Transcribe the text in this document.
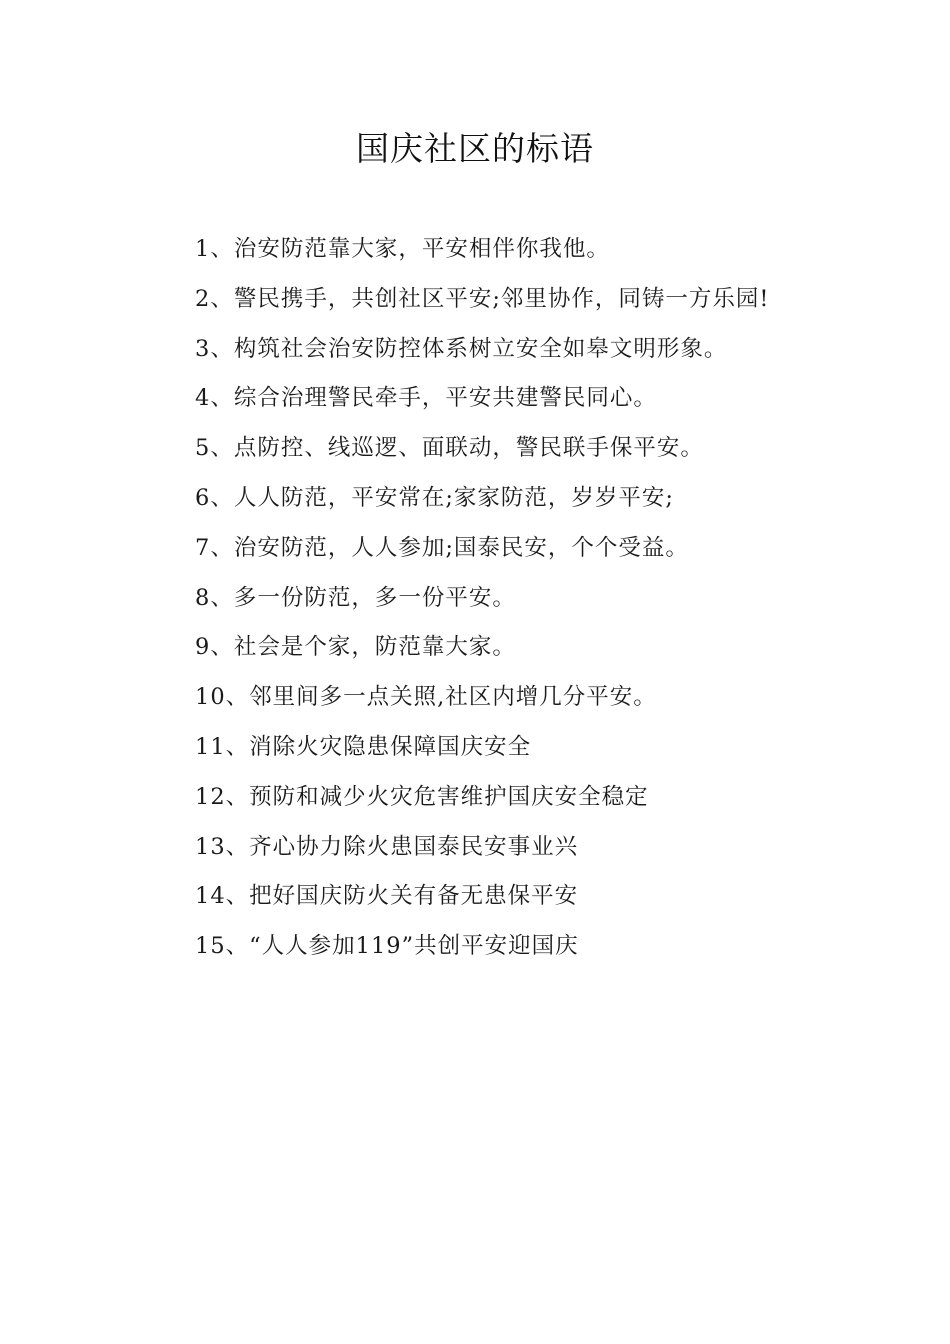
国庆社区的标语
1、治安防范靠大家，平安相伴你我他。
2、警民携手，共创社区平安;邻里协作，同铸一方乐园!
3、构筑社会治安防控体系树立安全如皋文明形象。
4、综合治理警民牵手，平安共建警民同心。
5、点防控、线巡逻、面联动，警民联手保平安。
6、人人防范，平安常在;家家防范，岁岁平安;
7、治安防范，人人参加;国泰民安，个个受益。
8、多一份防范，多一份平安。
9、社会是个家，防范靠大家。
10、邻里间多一点关照,社区内增几分平安。
11、消除火灾隐患保障国庆安全
12、预防和减少火灾危害维护国庆安全稳定
13、齐心协力除火患国泰民安事业兴
14、把好国庆防火关有备无患保平安
15、“人人参加119”共创平安迎国庆
